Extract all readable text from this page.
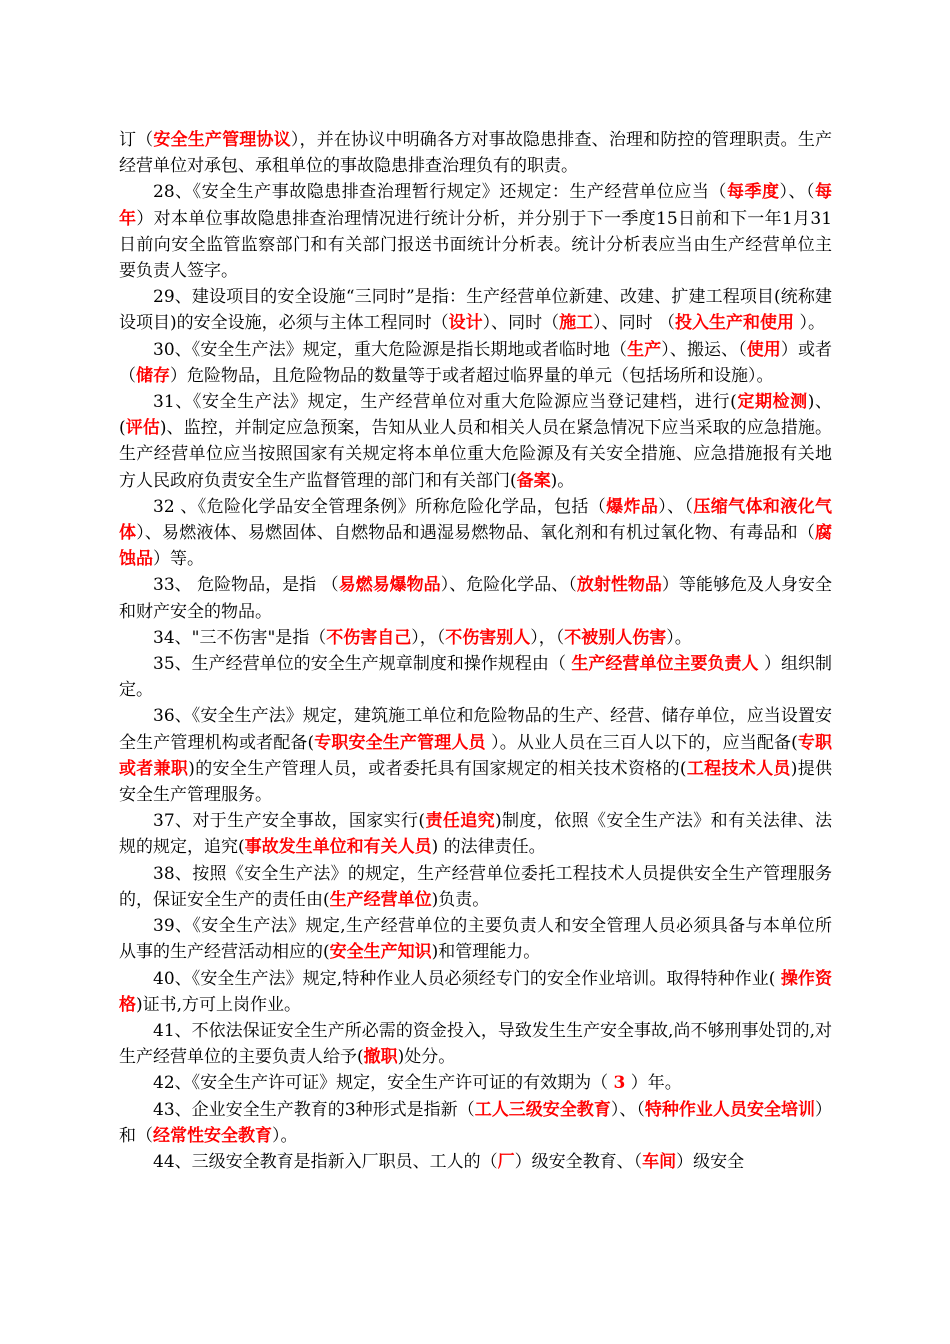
订（安全生产管理协议），并在协议中明确各方对事故隐患排查、治理和防控的管理职责。生产经营单位对承包、承租单位的事故隐患排查治理负有的职责。

28、《安全生产事故隐患排查治理暂行规定》还规定：生产经营单位应当（每季度）、（每年）对本单位事故隐患排查治理情况进行统计分析，并分别于下一季度15日前和下一年1月31日前向安全监管监察部门和有关部门报送书面统计分析表。统计分析表应当由生产经营单位主要负责人签字。

29、建设项目的安全设施“三同时”是指：生产经营单位新建、改建、扩建工程项目(统称建设项目)的安全设施，必须与主体工程同时（设计）、同时（施工）、同时 （投入生产和使用 ）。

30、《安全生产法》规定，重大危险源是指长期地或者临时地（生产）、搬运、（使用）或者（储存）危险物品，且危险物品的数量等于或者超过临界量的单元（包括场所和设施）。

31、《安全生产法》规定，生产经营单位对重大危险源应当登记建档，进行(定期检测)、(评估)、监控，并制定应急预案，告知从业人员和相关人员在紧急情况下应当采取的应急措施。生产经营单位应当按照国家有关规定将本单位重大危险源及有关安全措施、应急措施报有关地方人民政府负责安全生产监督管理的部门和有关部门(备案)。

32 、《危险化学品安全管理条例》所称危险化学品，包括（爆炸品）、（压缩气体和液化气体）、易燃液体、易燃固体、自燃物品和遇湿易燃物品、氧化剂和有机过氧化物、有毒品和（腐蚀品）等。

33、 危险物品，是指 （易燃易爆物品）、危险化学品、（放射性物品）等能够危及人身安全和财产安全的物品。

34、"三不伤害"是指（不伤害自己），（不伤害别人），（不被别人伤害）。

35、生产经营单位的安全生产规章制度和操作规程由（ 生产经营单位主要负责人 ）组织制定。

36、《安全生产法》规定，建筑施工单位和危险物品的生产、经营、储存单位，应当设置安全生产管理机构或者配备(专职安全生产管理人员 ）。从业人员在三百人以下的，应当配备(专职或者兼职)的安全生产管理人员，或者委托具有国家规定的相关技术资格的(工程技术人员)提供安全生产管理服务。

37、对于生产安全事故，国家实行(责任追究)制度，依照《安全生产法》和有关法律、法规的规定，追究(事故发生单位和有关人员) 的法律责任。

38、按照《安全生产法》的规定，生产经营单位委托工程技术人员提供安全生产管理服务的，保证安全生产的责任由(生产经营单位)负责。

39、《安全生产法》规定,生产经营单位的主要负责人和安全管理人员必须具备与本单位所从事的生产经营活动相应的(安全生产知识)和管理能力。

40、《安全生产法》规定,特种作业人员必须经专门的安全作业培训。取得特种作业( 操作资格)证书,方可上岗作业。

41、不依法保证安全生产所必需的资金投入，导致发生生产安全事故,尚不够刑事处罚的,对生产经营单位的主要负责人给予(撤职)处分。

42、《安全生产许可证》规定，安全生产许可证的有效期为（ 3 ）年。

43、企业安全生产教育的3种形式是指新（工人三级安全教育）、（特种作业人员安全培训）和（经常性安全教育）。

44、三级安全教育是指新入厂职员、工人的（厂）级安全教育、（车间）级安全
